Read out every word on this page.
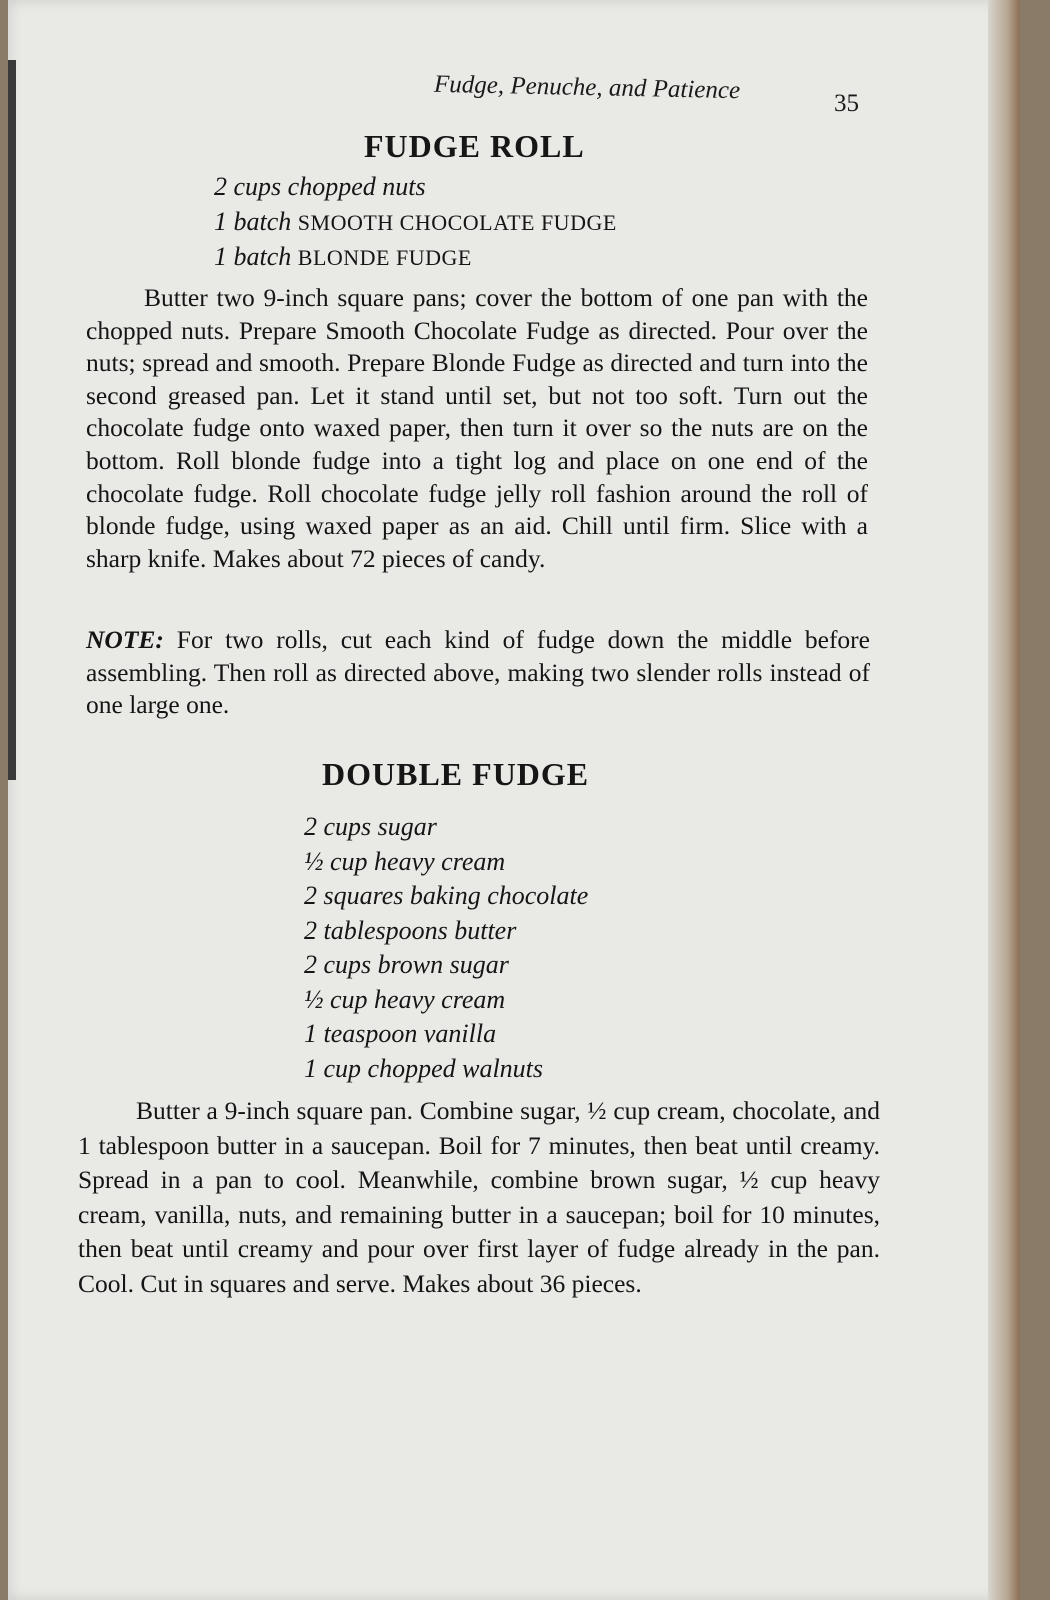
Fudge, Penuche, and Patience	35
FUDGE ROLL
2 cups chopped nuts
1 batch SMOOTH CHOCOLATE FUDGE
1 batch BLONDE FUDGE

Butter two 9-inch square pans; cover the bottom of one pan with the chopped nuts. Prepare Smooth Chocolate Fudge as directed. Pour over the nuts; spread and smooth. Prepare Blonde Fudge as directed and turn into the second greased pan. Let it stand until set, but not too soft. Turn out the chocolate fudge onto waxed paper, then turn it over so the nuts are on the bottom. Roll blonde fudge into a tight log and place on one end of the chocolate fudge. Roll chocolate fudge jelly roll fashion around the roll of blonde fudge, using waxed paper as an aid. Chill until firm. Slice with a sharp knife. Makes about 72 pieces of candy.

NOTE: For two rolls, cut each kind of fudge down the middle before assembling. Then roll as directed above, making two slender rolls instead of one large one.

DOUBLE FUDGE
2 cups sugar
½ cup heavy cream
2 squares baking chocolate
2 tablespoons butter
2 cups brown sugar
½ cup heavy cream
1 teaspoon vanilla
1 cup chopped walnuts

Butter a 9-inch square pan. Combine sugar, ½ cup cream, chocolate, and 1 tablespoon butter in a saucepan. Boil for 7 minutes, then beat until creamy. Spread in a pan to cool. Meanwhile, combine brown sugar, ½ cup heavy cream, vanilla, nuts, and remaining butter in a saucepan; boil for 10 minutes, then beat until creamy and pour over first layer of fudge already in the pan. Cool. Cut in squares and serve. Makes about 36 pieces.
